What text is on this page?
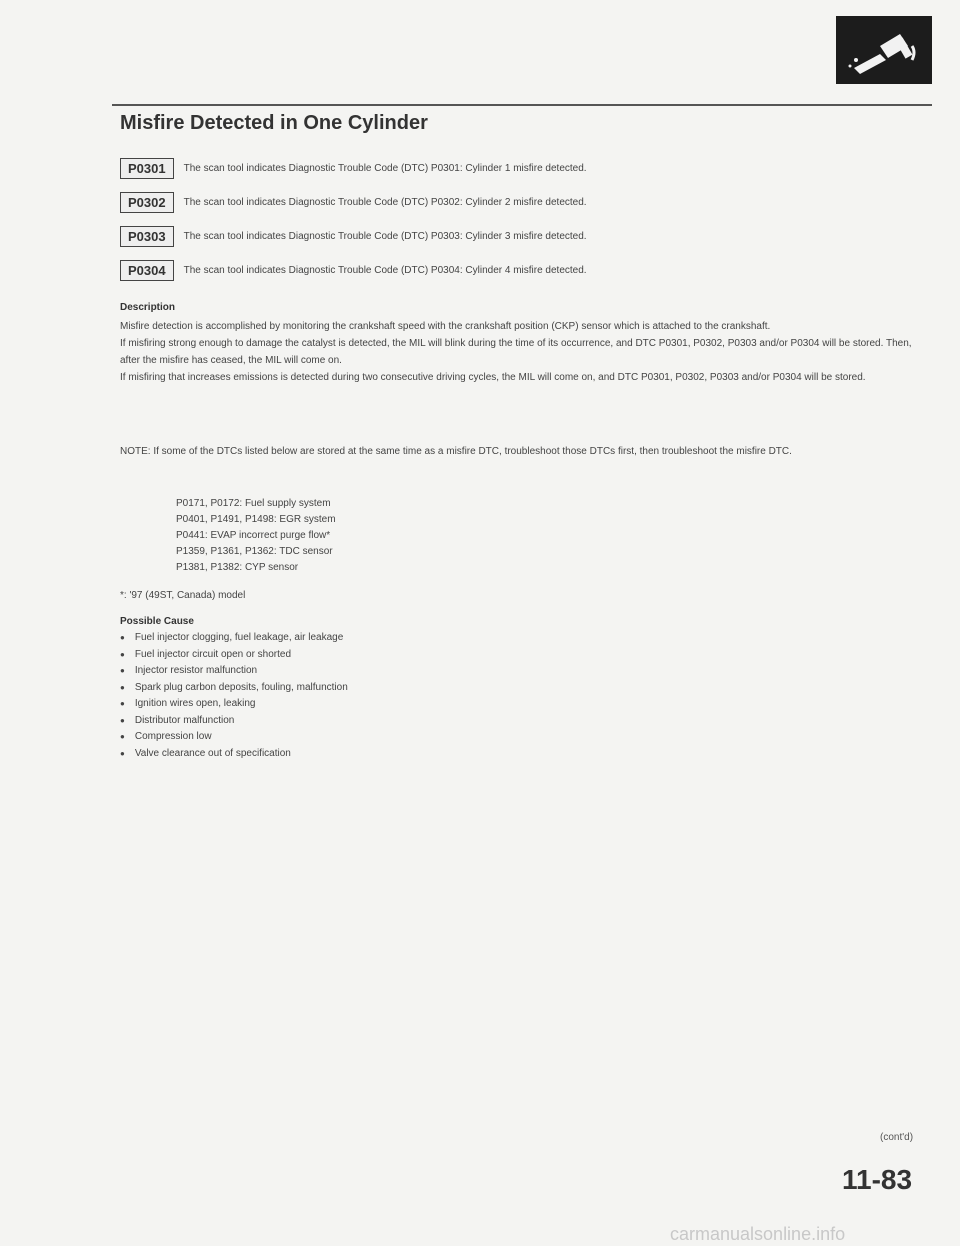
Misfire Detected in One Cylinder
P0301	The scan tool indicates Diagnostic Trouble Code (DTC) P0301: Cylinder 1 misfire detected.
P0302	The scan tool indicates Diagnostic Trouble Code (DTC) P0302: Cylinder 2 misfire detected.
P0303	The scan tool indicates Diagnostic Trouble Code (DTC) P0303: Cylinder 3 misfire detected.
P0304	The scan tool indicates Diagnostic Trouble Code (DTC) P0304: Cylinder 4 misfire detected.
Description

Misfire detection is accomplished by monitoring the crankshaft speed with the crankshaft position (CKP) sensor which is attached to the crankshaft.

If misfiring strong enough to damage the catalyst is detected, the MIL will blink during the time of its occurrence, and DTC P0301, P0302, P0303 and/or P0304 will be stored. Then, after the misfire has ceased, the MIL will come on.

If misfiring that increases emissions is detected during two consecutive driving cycles, the MIL will come on, and DTC P0301, P0302, P0303 and/or P0304 will be stored.

NOTE: If some of the DTCs listed below are stored at the same time as a misfire DTC, troubleshoot those DTCs first, then troubleshoot the misfire DTC.
P0171, P0172: Fuel supply system
P0401, P1491, P1498: EGR system
P0441: EVAP incorrect purge flow*
P1359, P1361, P1362: TDC sensor
P1381, P1382: CYP sensor
*: '97 (49ST, Canada) model
Possible Cause
● Fuel injector clogging, fuel leakage, air leakage
● Fuel injector circuit open or shorted
● Injector resistor malfunction
● Spark plug carbon deposits, fouling, malfunction
● Ignition wires open, leaking
● Distributor malfunction
● Compression low
● Valve clearance out of specification
(cont'd)
11-83
carmanualsonline.info
